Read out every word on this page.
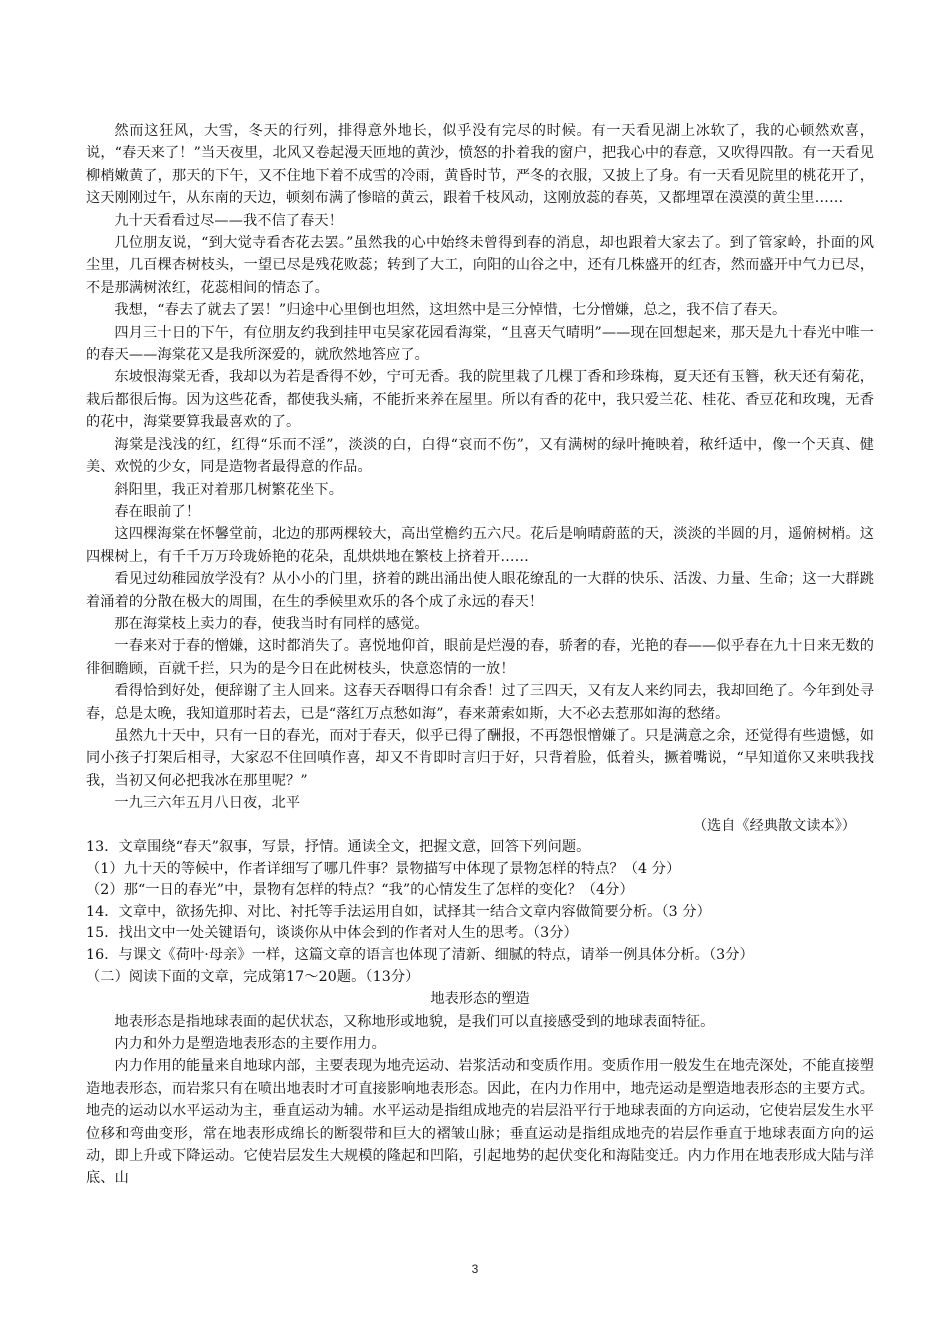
然而这狂风，大雪，冬天的行列，排得意外地长，似乎没有完尽的时候。有一天看见湖上冰软了，我的心顿然欢喜，说，“春天来了！”当天夜里，北风又卷起漫天匝地的黄沙，愤怒的扑着我的窗户，把我心中的春意，又吹得四散。有一天看见柳梢嫩黄了，那天的下午，又不住地下着不成雪的冷雨，黄昏时节，严冬的衣服，又披上了身。有一天看见院里的桃花开了，这天刚刚过午，从东南的天边，顿刻布满了惨暗的黄云，跟着千枝风动，这刚放蕊的春英，又都埋罩在漠漠的黄尘里……

九十天看看过尽——我不信了春天！

几位朋友说，“到大觉寺看杏花去罢。”虽然我的心中始终未曾得到春的消息，却也跟着大家去了。到了管家岭，扑面的风尘里，几百棵杏树枝头，一望已尽是残花败蕊；转到了大工，向阳的山谷之中，还有几株盛开的红杏，然而盛开中气力已尽，不是那满树浓红，花蕊相间的情态了。

我想，“春去了就去了罢！”归途中心里倒也坦然，这坦然中是三分悼惜，七分憎嫌，总之，我不信了春天。

四月三十日的下午，有位朋友约我到挂甲屯吴家花园看海棠，“且喜天气晴明”——现在回想起来，那天是九十春光中唯一的春天——海棠花又是我所深爱的，就欣然地答应了。

东坡恨海棠无香，我却以为若是香得不妙，宁可无香。我的院里栽了几棵丁香和珍珠梅，夏天还有玉簪，秋天还有菊花，栽后都很后悔。因为这些花香，都使我头痛，不能折来养在屋里。所以有香的花中，我只爱兰花、桂花、香豆花和玫瑰，无香的花中，海棠要算我最喜欢的了。

海棠是浅浅的红，红得“乐而不淫”，淡淡的白，白得“哀而不伤”，又有满树的绿叶掩映着，秾纤适中，像一个天真、健美、欢悦的少女，同是造物者最得意的作品。

斜阳里，我正对着那几树繁花坐下。

春在眼前了！

这四棵海棠在怀馨堂前，北边的那两棵较大，高出堂檐约五六尺。花后是响晴蔚蓝的天，淡淡的半圆的月，遥俯树梢。这四棵树上，有千千万万玲珑娇艳的花朵，乱烘烘地在繁枝上挤着开……

看见过幼稚园放学没有？从小小的门里，挤着的跳出涌出使人眼花缭乱的一大群的快乐、活泼、力量、生命；这一大群跳着涌着的分散在极大的周围，在生的季候里欢乐的各个成了永远的春天！

那在海棠枝上卖力的春，使我当时有同样的感觉。

一春来对于春的憎嫌，这时都消失了。喜悦地仰首，眼前是烂漫的春，骄奢的春，光艳的春——似乎春在九十日来无数的徘徊瞻顾，百就千拦，只为的是今日在此树枝头，快意恣情的一放！

看得恰到好处，便辞谢了主人回来。这春天吞咽得口有余香！过了三四天，又有友人来约同去，我却回绝了。今年到处寻春，总是太晚，我知道那时若去，已是“落红万点愁如海”，春来萧索如斯，大不必去惹那如海的愁绪。

虽然九十天中，只有一日的春光，而对于春天，似乎已得了酬报，不再怨恨憎嫌了。只是满意之余，还觉得有些遗憾，如同小孩子打架后相寻，大家忍不住回嗔作喜，却又不肯即时言归于好，只背着脸，低着头，撅着嘴说，“早知道你又来哄我找我，当初又何必把我冰在那里呢？”

一九三六年五月八日夜，北平

（选自《经典散文读本》）

13．文章围绕“春天”叙事，写景，抒情。通读全文，把握文意，回答下列问题。

（1）九十天的等候中，作者详细写了哪几件事？景物描写中体现了景物怎样的特点？（4 分）

（2）那“一日的春光”中，景物有怎样的特点？“我”的心情发生了怎样的变化？（4分）

14．文章中，欲扬先抑、对比、衬托等手法运用自如，试择其一结合文章内容做简要分析。（3 分）

15．找出文中一处关键语句，谈谈你从中体会到的作者对人生的思考。（3分）

16．与课文《荷叶·母亲》一样，这篇文章的语言也体现了清新、细腻的特点，请举一例具体分析。（3分）

（二）阅读下面的文章，完成第17～20题。（13分）

地表形态的塑造

地表形态是指地球表面的起伏状态，又称地形或地貌，是我们可以直接感受到的地球表面特征。

内力和外力是塑造地表形态的主要作用力。

内力作用的能量来自地球内部，主要表现为地壳运动、岩浆活动和变质作用。变质作用一般发生在地壳深处，不能直接塑造地表形态，而岩浆只有在喷出地表时才可直接影响地表形态。因此，在内力作用中，地壳运动是塑造地表形态的主要方式。地壳的运动以水平运动为主，垂直运动为辅。水平运动是指组成地壳的岩层沿平行于地球表面的方向运动，它使岩层发生水平位移和弯曲变形，常在地表形成绵长的断裂带和巨大的褶皱山脉；垂直运动是指组成地壳的岩层作垂直于地球表面方向的运动，即上升或下降运动。它使岩层发生大规模的隆起和凹陷，引起地势的起伏变化和海陆变迁。内力作用在地表形成大陆与洋底、山

3
